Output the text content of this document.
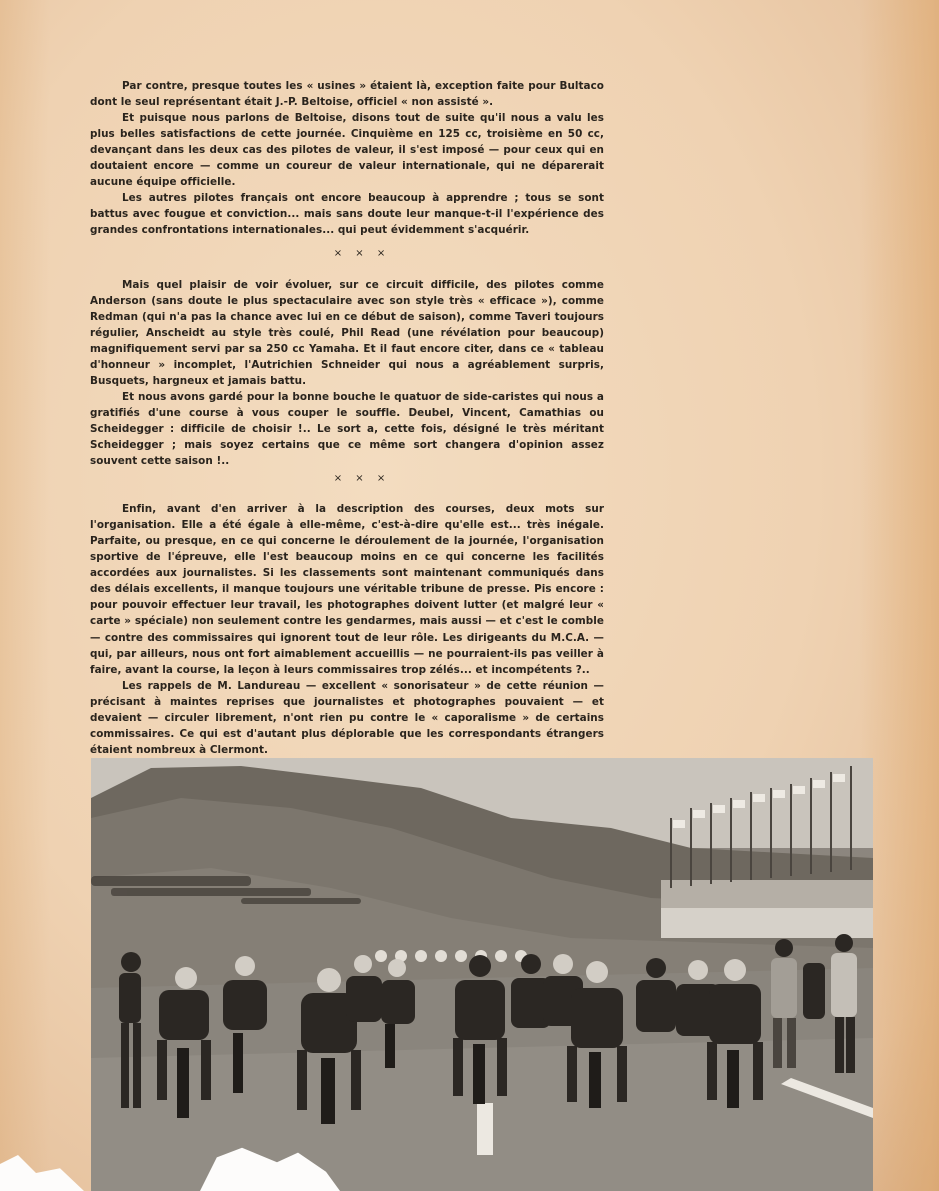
Par contre, presque toutes les « usines » étaient là, exception faite pour Bultaco dont le seul représentant était J.-P. Beltoise, officiel « non assisté ».

Et puisque nous parlons de Beltoise, disons tout de suite qu'il nous a valu les plus belles satisfactions de cette journée. Cinquième en 125 cc, troisième en 50 cc, devançant dans les deux cas des pilotes de valeur, il s'est imposé — pour ceux qui en doutaient encore — comme un coureur de valeur internationale, qui ne déparerait aucune équipe officielle.

Les autres pilotes français ont encore beaucoup à apprendre ; tous se sont battus avec fougue et conviction... mais sans doute leur manque-t-il l'expérience des grandes confrontations internationales... qui peut évidemment s'acquérir.

× × ×

Mais quel plaisir de voir évoluer, sur ce circuit difficile, des pilotes comme Anderson (sans doute le plus spectaculaire avec son style très « efficace »), comme Redman (qui n'a pas la chance avec lui en ce début de saison), comme Taveri toujours régulier, Anscheidt au style très coulé, Phil Read (une révélation pour beaucoup) magnifiquement servi par sa 250 cc Yamaha. Et il faut encore citer, dans ce « tableau d'honneur » incomplet, l'Autrichien Schneider qui nous a agréablement surpris, Busquets, hargneux et jamais battu.

Et nous avons gardé pour la bonne bouche le quatuor de side-caristes qui nous a gratifiés d'une course à vous couper le souffle. Deubel, Vincent, Camathias ou Scheidegger : difficile de choisir !.. Le sort a, cette fois, désigné le très méritant Scheidegger ; mais soyez certains que ce même sort changera d'opinion assez souvent cette saison !..

× × ×

Enfin, avant d'en arriver à la description des courses, deux mots sur l'organisation. Elle a été égale à elle-même, c'est-à-dire qu'elle est... très inégale. Parfaite, ou presque, en ce qui concerne le déroulement de la journée, l'organisation sportive de l'épreuve, elle l'est beaucoup moins en ce qui concerne les facilités accordées aux journalistes. Si les classements sont maintenant communiqués dans des délais excellents, il manque toujours une véritable tribune de presse. Pis encore : pour pouvoir effectuer leur travail, les photographes doivent lutter (et malgré leur « carte » spéciale) non seulement contre les gendarmes, mais aussi — et c'est le comble — contre des commissaires qui ignorent tout de leur rôle. Les dirigeants du M.C.A. — qui, par ailleurs, nous ont fort aimablement accueillis — ne pourraient-ils pas veiller à faire, avant la course, la leçon à leurs commissaires trop zélés... et incompétents ?..

Les rappels de M. Landureau — excellent « sonorisateur » de cette réunion — précisant à maintes reprises que journalistes et photographes pouvaient — et devaient — circuler librement, n'ont rien pu contre le « caporalisme » de certains commissaires. Ce qui est d'autant plus déplorable que les correspondants étrangers étaient nombreux à Clermont.
